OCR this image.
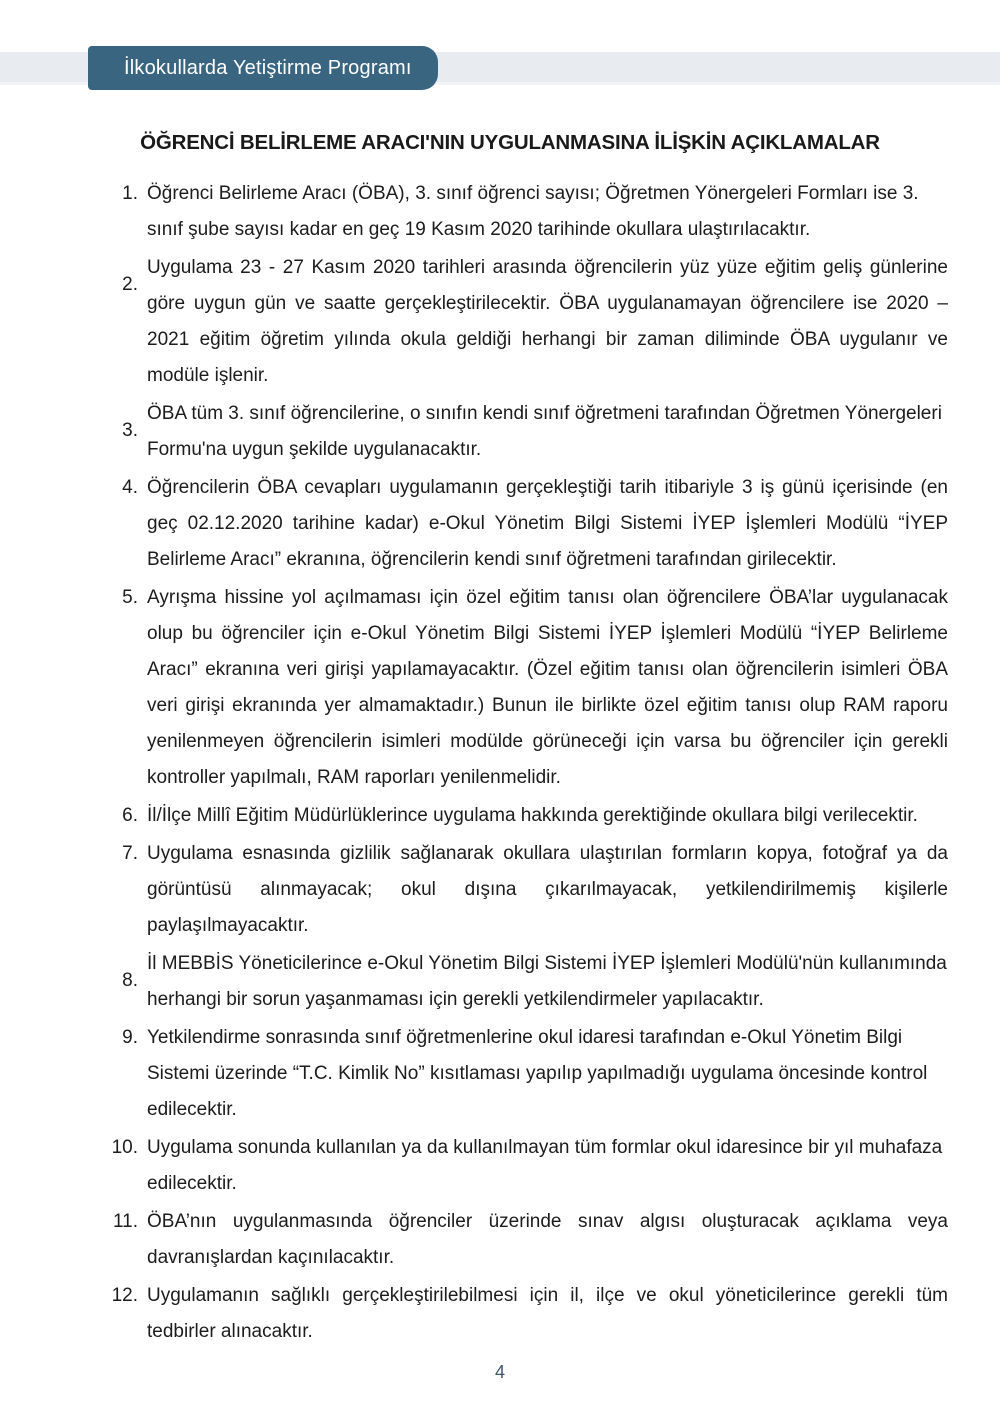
İlkokullarda Yetiştirme Programı
ÖĞRENCİ BELİRLEME ARACI'NIN UYGULANMASINA İLİŞKİN AÇIKLAMALAR
1. Öğrenci Belirleme Aracı (ÖBA), 3. sınıf öğrenci sayısı; Öğretmen Yönergeleri Formları ise 3. sınıf şube sayısı kadar en geç 19 Kasım 2020 tarihinde okullara ulaştırılacaktır.
2.
Uygulama 23 - 27 Kasım 2020 tarihleri arasında öğrencilerin yüz yüze eğitim geliş günlerine göre uygun gün ve saatte gerçekleştirilecektir. ÖBA uygulanamayan öğrencilere ise 2020 – 2021 eğitim öğretim yılında okula geldiği herhangi bir zaman diliminde ÖBA uygulanır ve modüle işlenir.
3.
ÖBA tüm 3. sınıf öğrencilerine, o sınıfın kendi sınıf öğretmeni tarafından Öğretmen Yönergeleri Formu'na uygun şekilde uygulanacaktır.
4. Öğrencilerin ÖBA cevapları uygulamanın gerçekleştiği tarih itibariyle 3 iş günü içerisinde (en geç 02.12.2020 tarihine kadar) e-Okul Yönetim Bilgi Sistemi İYEP İşlemleri Modülü “İYEP Belirleme Aracı” ekranına, öğrencilerin kendi sınıf öğretmeni tarafından girilecektir.
5. Ayrışma hissine yol açılmaması için özel eğitim tanısı olan öğrencilere ÖBA’lar uygulanacak olup bu öğrenciler için e-Okul Yönetim Bilgi Sistemi İYEP İşlemleri Modülü “İYEP Belirleme Aracı” ekranına veri girişi yapılamayacaktır. (Özel eğitim tanısı olan öğrencilerin isimleri ÖBA veri girişi ekranında yer almamaktadır.) Bunun ile birlikte özel eğitim tanısı olup RAM raporu yenilenmeyen öğrencilerin isimleri modülde görüneceği için varsa bu öğrenciler için gerekli kontroller yapılmalı, RAM raporları yenilenmelidir.
6. İl/İlçe Millî Eğitim Müdürlüklerince uygulama hakkında gerektiğinde okullara bilgi verilecektir.
7. Uygulama esnasında gizlilik sağlanarak okullara ulaştırılan formların kopya, fotoğraf ya da görüntüsü alınmayacak; okul dışına çıkarılmayacak, yetkilendirilmemiş kişilerle paylaşılmayacaktır.
8.
İl MEBBİS Yöneticilerince e-Okul Yönetim Bilgi Sistemi İYEP İşlemleri Modülü'nün kullanımında herhangi bir sorun yaşanmaması için gerekli yetkilendirmeler yapılacaktır.
9. Yetkilendirme sonrasında sınıf öğretmenlerine okul idaresi tarafından e-Okul Yönetim Bilgi Sistemi üzerinde “T.C. Kimlik No” kısıtlaması yapılıp yapılmadığı uygulama öncesinde kontrol edilecektir.
10. Uygulama sonunda kullanılan ya da kullanılmayan tüm formlar okul idaresince bir yıl muhafaza edilecektir.
11. ÖBA’nın uygulanmasında öğrenciler üzerinde sınav algısı oluşturacak açıklama veya davranışlardan kaçınılacaktır.
12. Uygulamanın sağlıklı gerçekleştirilebilmesi için il, ilçe ve okul yöneticilerince gerekli tüm tedbirler alınacaktır.
4
